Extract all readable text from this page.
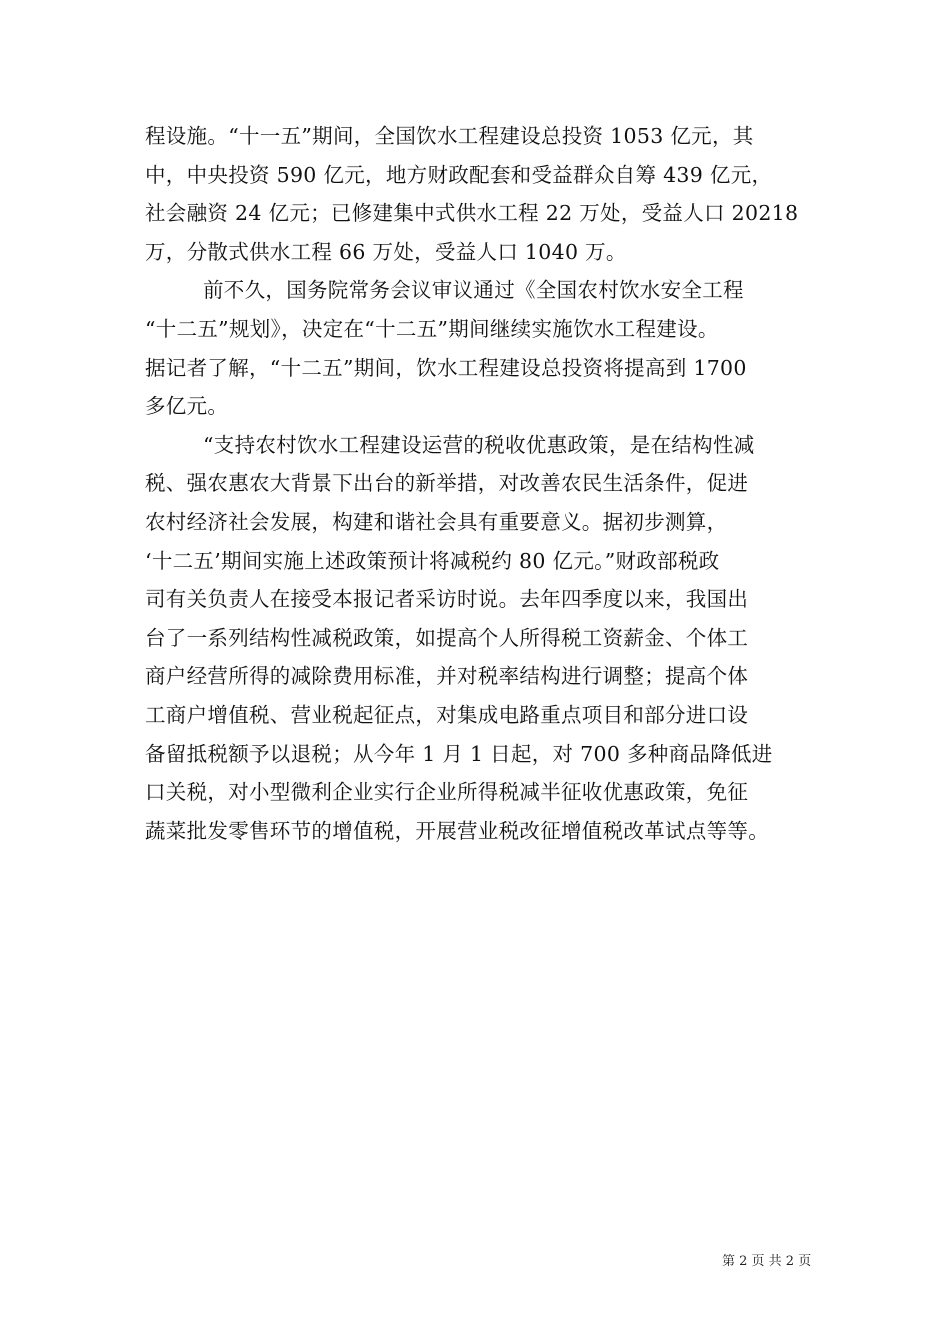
程设施。“十一五”期间，全国饮水工程建设总投资 1053 亿元，其
中，中央投资 590 亿元，地方财政配套和受益群众自筹 439 亿元，
社会融资 24 亿元；已修建集中式供水工程 22 万处，受益人口 20218
万，分散式供水工程 66 万处，受益人口 1040 万。
前不久，国务院常务会议审议通过《全国农村饮水安全工程
“十二五”规划》，决定在“十二五”期间继续实施饮水工程建设。
据记者了解，“十二五”期间，饮水工程建设总投资将提高到 1700
多亿元。
“支持农村饮水工程建设运营的税收优惠政策，是在结构性减
税、强农惠农大背景下出台的新举措，对改善农民生活条件，促进
农村经济社会发展，构建和谐社会具有重要意义。据初步测算，
‘十二五’期间实施上述政策预计将减税约 80 亿元。”财政部税政
司有关负责人在接受本报记者采访时说。去年四季度以来，我国出
台了一系列结构性减税政策，如提高个人所得税工资薪金、个体工
商户经营所得的减除费用标准，并对税率结构进行调整；提高个体
工商户增值税、营业税起征点，对集成电路重点项目和部分进口设
备留抵税额予以退税；从今年 1 月 1 日起，对 700 多种商品降低进
口关税，对小型微利企业实行企业所得税减半征收优惠政策，免征
蔬菜批发零售环节的增值税，开展营业税改征增值税改革试点等等。
第 2 页 共 2 页
